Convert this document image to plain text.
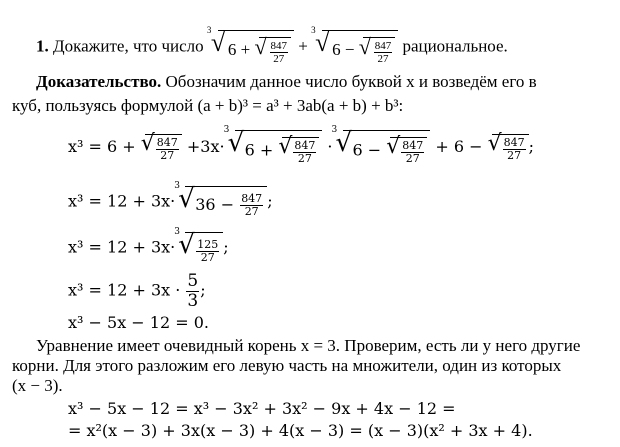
1. Докажите, что число
√ 3
6 + √ $\frac{847}{27}$ +
√ 3
6 − √ $\frac{847}{27}$ рациональное.
Доказательство. Обозначим данное число буквой x и возведём его в
куб, пользуясь формулой (a + b)³ = a³ + 3ab(a + b) + b³:
x³ = 6 + √ $\frac{847}{27} +3x\cdot$
√ 3
6 + √ $\frac{847}{27}$ ·
√ 3
6 − √ $\frac{847}{27} + 6$ − √ $\frac{847}{27}$ ;
x³ = 12 + 3x·
√ 3
$36 - \frac{847}{27}$ ;
x³ = 12 + 3x·
√ 3
$\frac{125}{27}$ ;
$x^3 = 12 + 3x \cdot \frac{5}{3}$ ;
x³ − 5x − 12 = 0.
Уравнение имеет очевидный корень x = 3. Проверим, есть ли у него другие
корни. Для этого разложим его левую часть на множители, один из которых
(x − 3).
x³ − 5x − 12 = x³ − 3x² + 3x² − 9x + 4x − 12 =
= x²(x − 3) + 3x(x − 3) + 4(x − 3) = (x − 3)(x² + 3x + 4).
